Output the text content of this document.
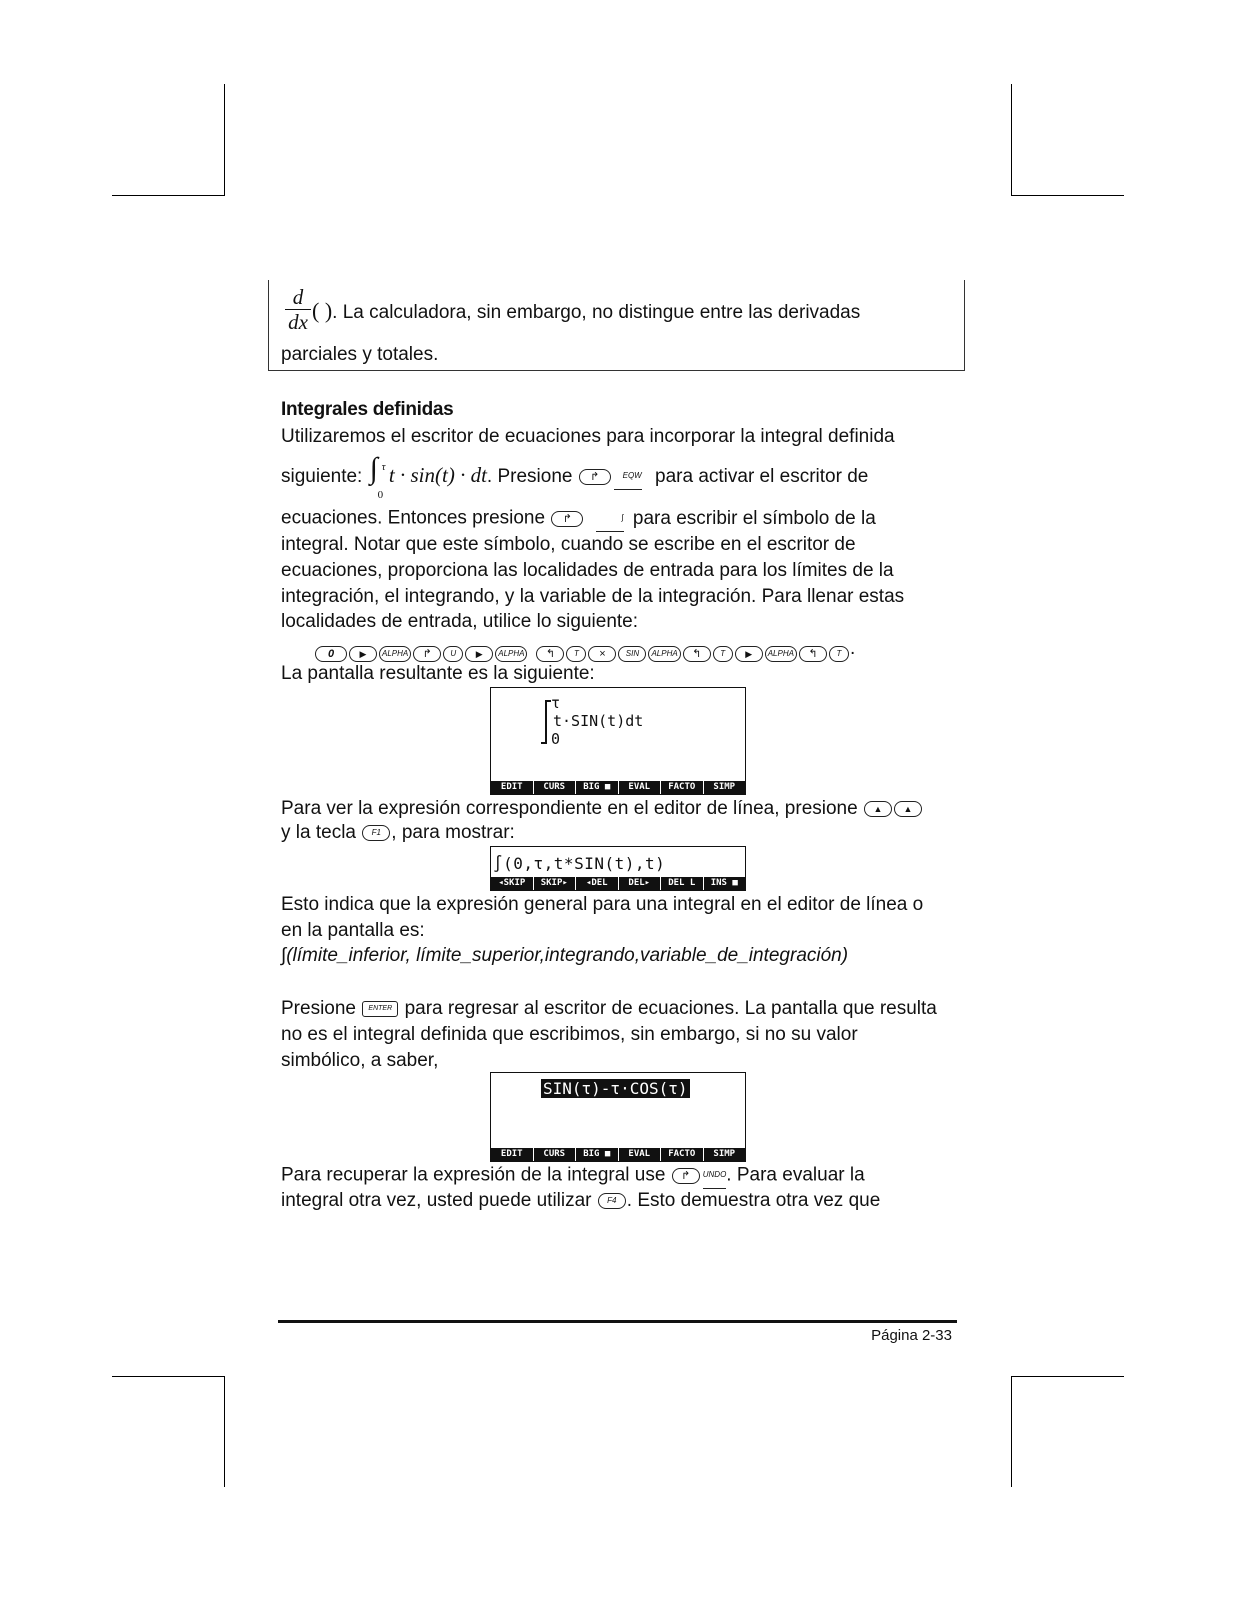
d
dx ( ). La calculadora, sin embargo, no distingue entre las derivadas
parciales y totales.
Integrales definidas
Utilizaremos el escritor de ecuaciones para incorporar la integral definida
siguiente: ∫ τ
0
t · sin(t) · dt. Presione ↱	EQW para activar el escritor de
ecuaciones. Entonces presione ↱	∫ para escribir el símbolo de la
integral. Notar que este símbolo, cuando se escribe en el escritor de
ecuaciones, proporciona las localidades de entrada para los límites de la
integración, el integrando, y la variable de la integración. Para llenar estas
localidades de entrada, utilice lo siguiente:
0	▶ ALPHA ↱ U ▶ ALPHA ↰ T ×	SIN ALPHA ↰ T ▶ ALPHA ↰ T .
La pantalla resultante es la siguiente:
τ
t·SIN(t)dt
0
EDIT	CURS	BIG ■	EVAL	FACTO	SIMP
Para ver la expresión correspondiente en el editor de línea, presione ▲ ▲
y la tecla F1 , para mostrar:
∫(0,τ,t*SIN(t),t)
◂SKIP	SKIP▸	◂DEL	DEL▸	DEL L	INS ■
Esto indica que la expresión general para una integral en el editor de línea o
en la pantalla es:
∫(límite_inferior, límite_superior,integrando,variable_de_integración)
Presione ENTER para regresar al escritor de ecuaciones. La pantalla que resulta
no es el integral definida que escribimos, sin embargo, si no su valor
simbólico, a saber,
SIN(τ)-τ·COS(τ)
EDIT	CURS	BIG ■	EVAL	FACTO	SIMP
Para recuperar la expresión de la integral use ↱ UNDO. Para evaluar la
integral otra vez, usted puede utilizar F4 . Esto demuestra otra vez que
Página 2-33
